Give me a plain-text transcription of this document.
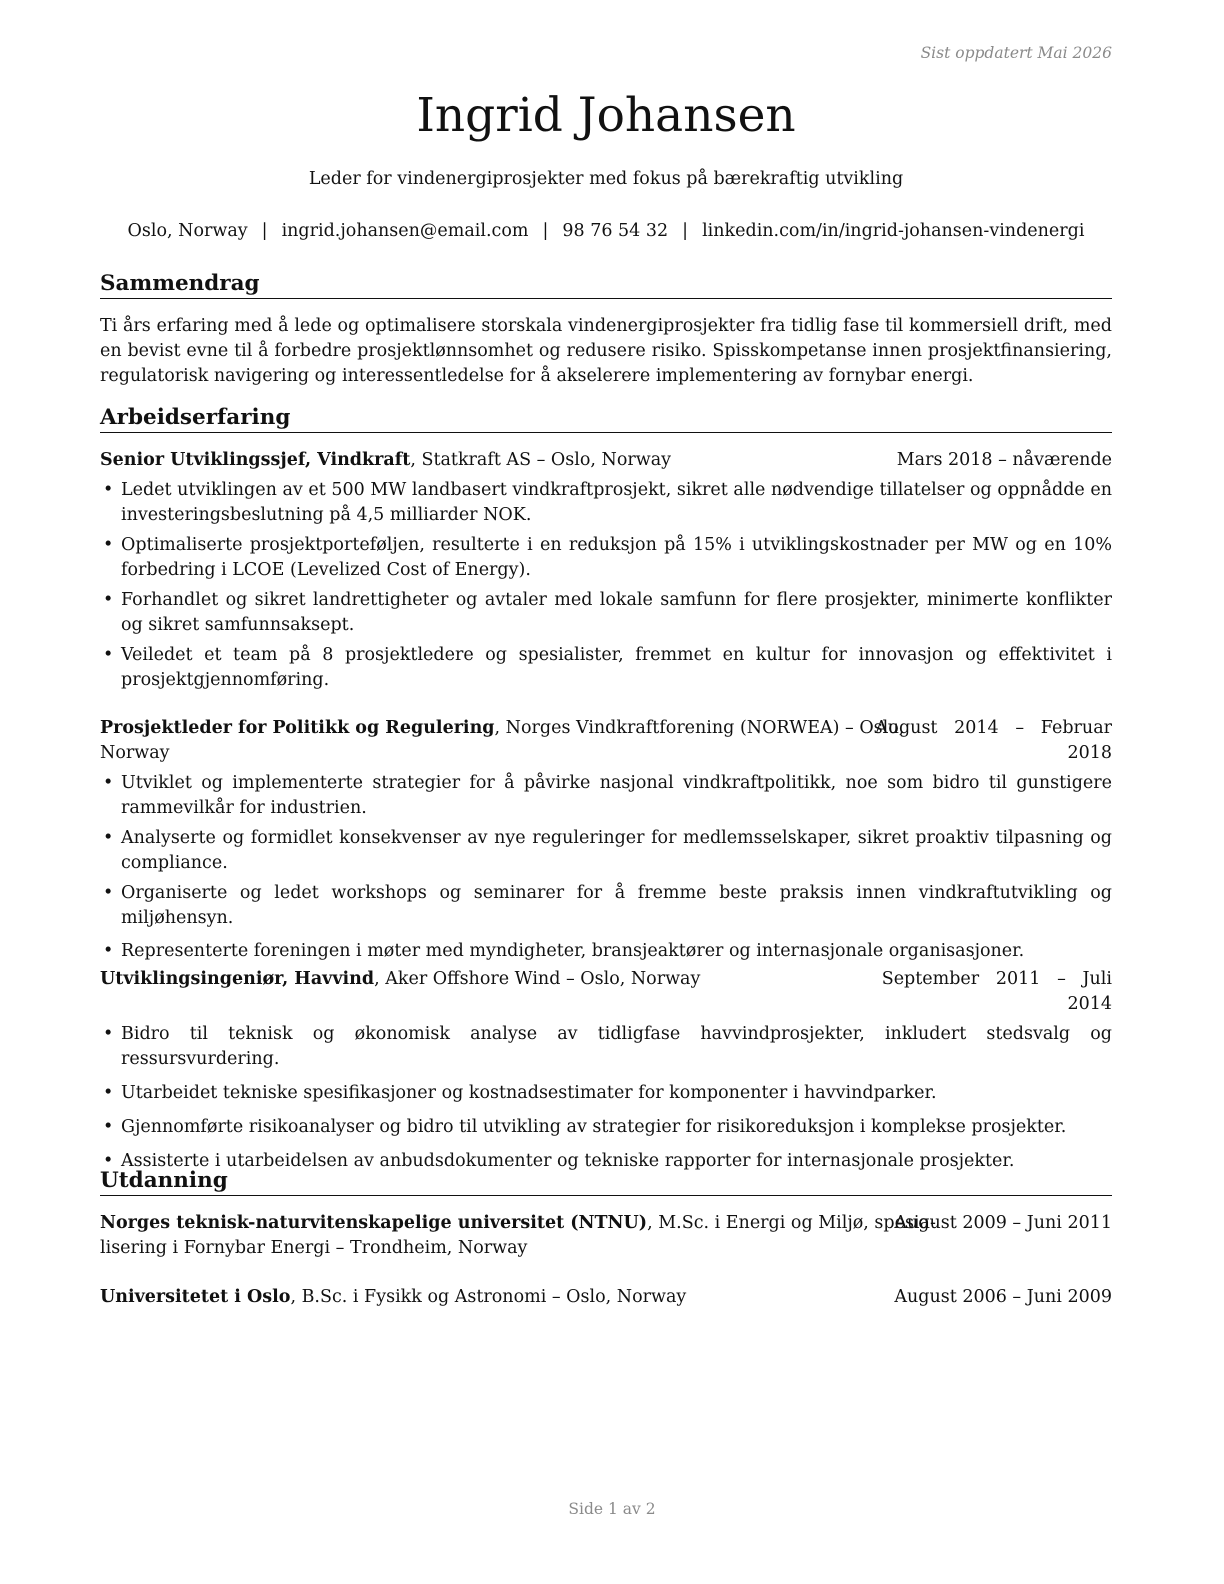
Sist oppdatert Mai 2026
Ingrid Johansen
Leder for vindenergiprosjekter med fokus på bærekraftig utvikling
Oslo, Norway | ingrid.johansen@email.com | 98 76 54 32 | linkedin.com/in/ingrid-johansen-vindenergi
Sammendrag
Ti års erfaring med å lede og optimalisere storskala vindenergiprosjekter fra tidlig fase til kommersiell drift, med en bevist evne til å forbedre prosjektlønnsomhet og redusere risiko. Spisskompetanse innen prosjektfinansiering, regulatorisk navigering og interessentledelse for å akselerere implementering av fornybar energi.
Arbeidserfaring
Senior Utviklingssjef, Vindkraft, Statkraft AS – Oslo, Norway	Mars 2018 – nåværende
• Ledet utviklingen av et 500 MW landbasert vindkraftprosjekt, sikret alle nødvendige tillatelser og oppnådde en investeringsbeslutning på 4,5 milliarder NOK.
• Optimaliserte prosjektporteføljen, resulterte i en reduksjon på 15% i utviklingskostnader per MW og en 10% forbedring i LCOE (Levelized Cost of Energy).
• Forhandlet og sikret landrettigheter og avtaler med lokale samfunn for flere prosjekter, minimerte konflikter og sikret samfunnsaksept.
• Veiledet et team på 8 prosjektledere og spesialister, fremmet en kultur for innovasjon og effektivitet i prosjektgjennomføring.
Prosjektleder for Politikk og Regulering, Norges Vindkraftforening (NORWEA) – Oslo,
Norway
August   2014   –   Februar
2018
• Utviklet og implementerte strategier for å påvirke nasjonal vindkraftpolitikk, noe som bidro til gunstigere rammevilkår for industrien.
• Analyserte og formidlet konsekvenser av nye reguleringer for medlemsselskaper, sikret proaktiv tilpasning og compliance.
• Organiserte og ledet workshops og seminarer for å fremme beste praksis innen vindkraftutvikling og miljøhensyn.
• Representerte foreningen i møter med myndigheter, bransjeaktører og internasjonale organisasjoner.
Utviklingsingeniør, Havvind, Aker Offshore Wind – Oslo, Norway	September   2011   –   Juli
2014
• Bidro til teknisk og økonomisk analyse av tidligfase havvindprosjekter, inkludert stedsvalg og ressursvurdering.
• Utarbeidet tekniske spesifikasjoner og kostnadsestimater for komponenter i havvindparker.
• Gjennomførte risikoanalyser og bidro til utvikling av strategier for risikoreduksjon i komplekse prosjekter.
• Assisterte i utarbeidelsen av anbudsdokumenter og tekniske rapporter for internasjonale prosjekter.
Utdanning
Norges teknisk-naturvitenskapelige universitet (NTNU), M.Sc. i Energi og Miljø, spesia-
lisering i Fornybar Energi – Trondheim, Norway
August 2009 – Juni 2011
Universitetet i Oslo, B.Sc. i Fysikk og Astronomi – Oslo, Norway	August 2006 – Juni 2009
Side 1 av 2
